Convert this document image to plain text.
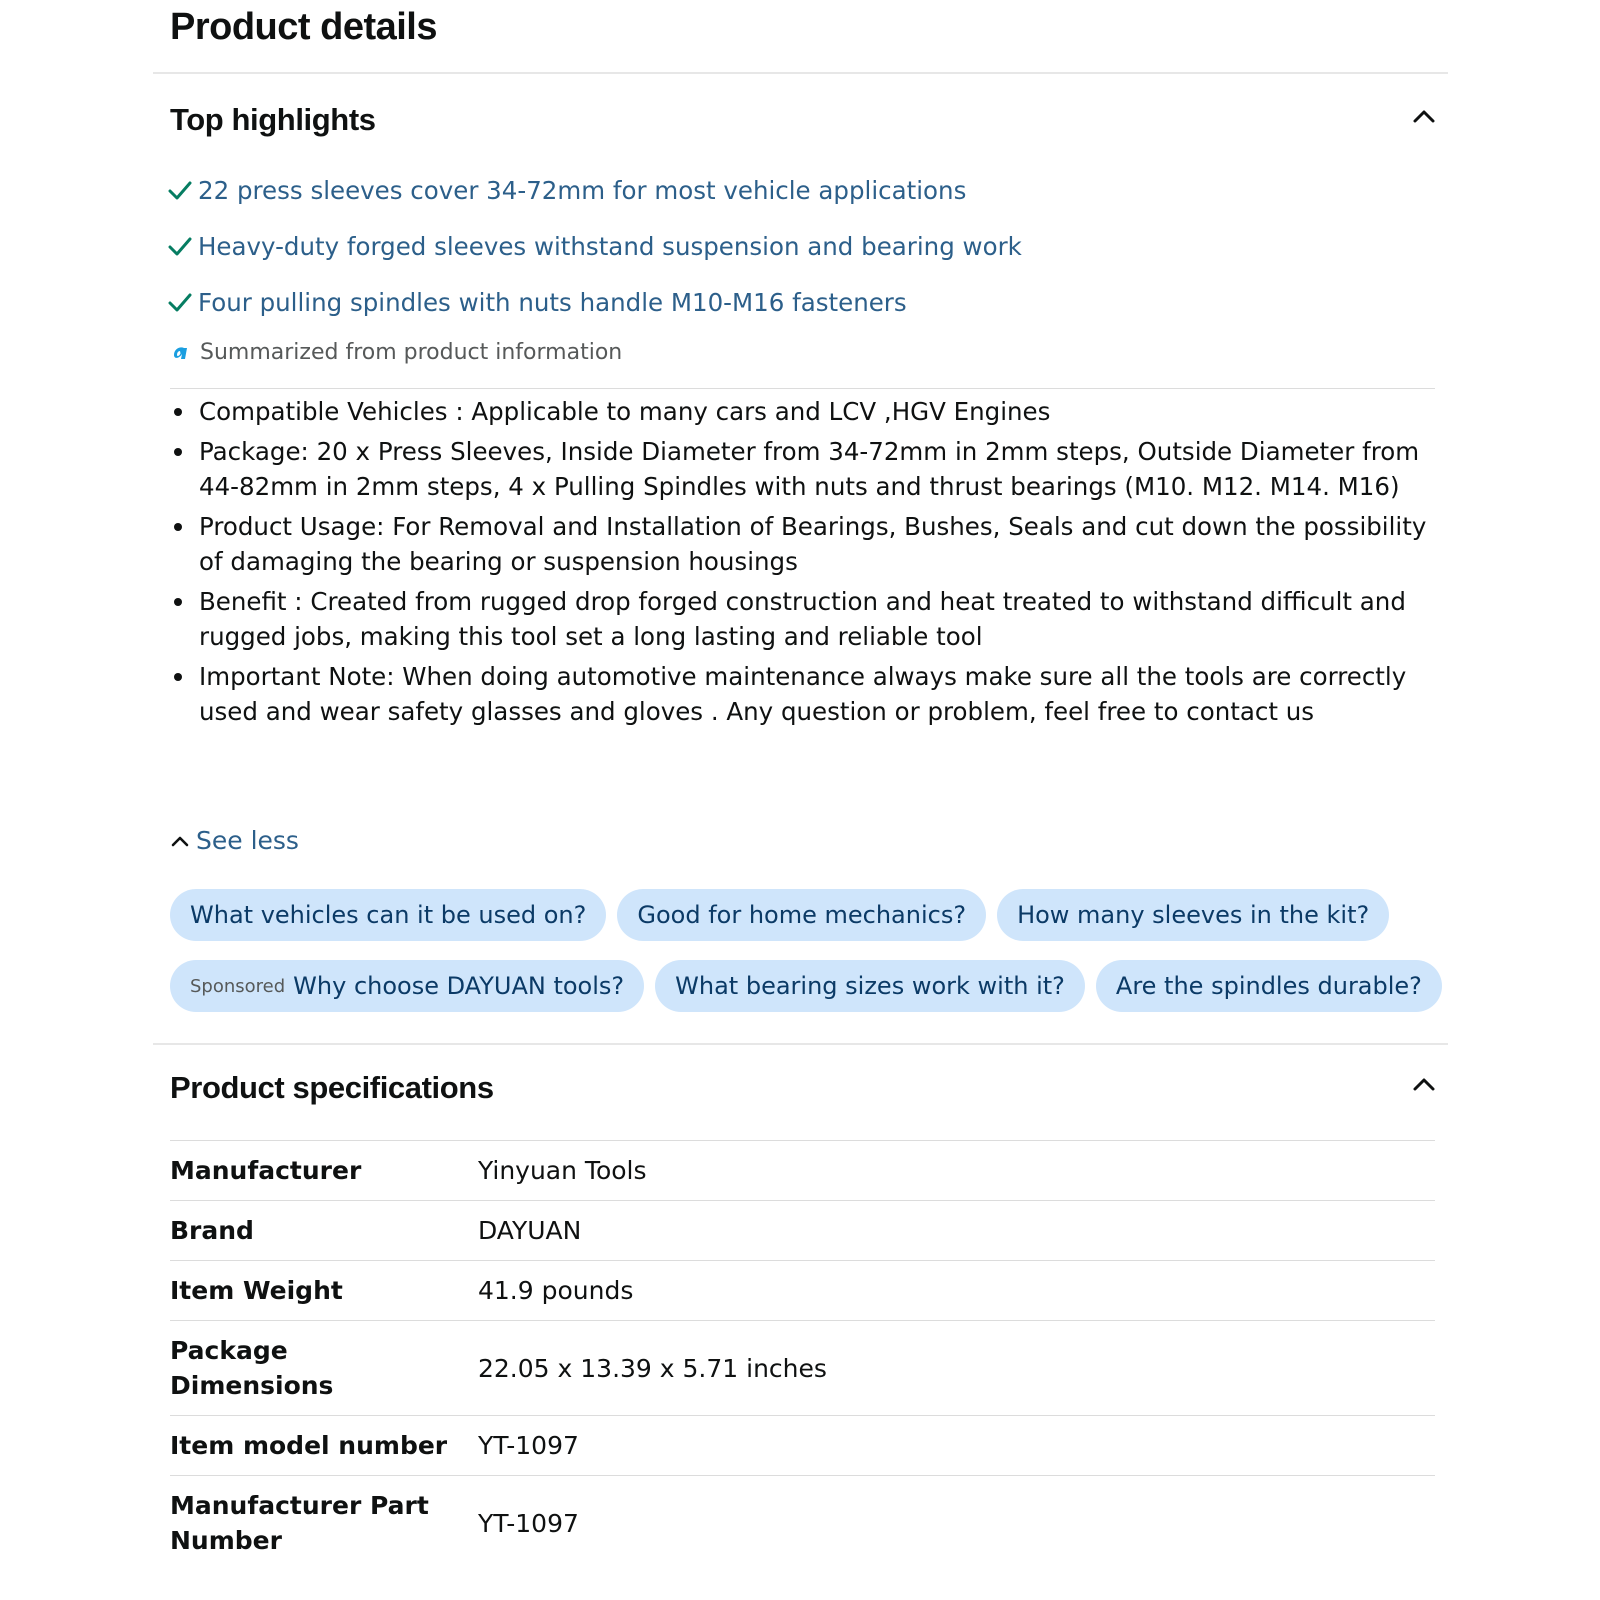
Product details
Top highlights
22 press sleeves cover 34-72mm for most vehicle applications
Heavy-duty forged sleeves withstand suspension and bearing work
Four pulling spindles with nuts handle M10-M16 fasteners
Summarized from product information
Compatible Vehicles : Applicable to many cars and LCV ,HGV Engines
Package: 20 x Press Sleeves, Inside Diameter from 34-72mm in 2mm steps, Outside Diameter from 44-82mm in 2mm steps, 4 x Pulling Spindles with nuts and thrust bearings (M10. M12. M14. M16)
Product Usage: For Removal and Installation of Bearings, Bushes, Seals and cut down the possibility of damaging the bearing or suspension housings
Benefit : Created from rugged drop forged construction and heat treated to withstand difficult and rugged jobs, making this tool set a long lasting and reliable tool
Important Note: When doing automotive maintenance always make sure all the tools are correctly used and wear safety glasses and gloves . Any question or problem, feel free to contact us
See less
What vehicles can it be used on?	Good for home mechanics?	How many sleeves in the kit?
Sponsored Why choose DAYUAN tools?	What bearing sizes work with it?	Are the spindles durable?
Product specifications
Manufacturer	Yinyuan Tools
Brand	DAYUAN
Item Weight	41.9 pounds
Package Dimensions	22.05 x 13.39 x 5.71 inches
Item model number	YT-1097
Manufacturer Part Number	YT-1097
